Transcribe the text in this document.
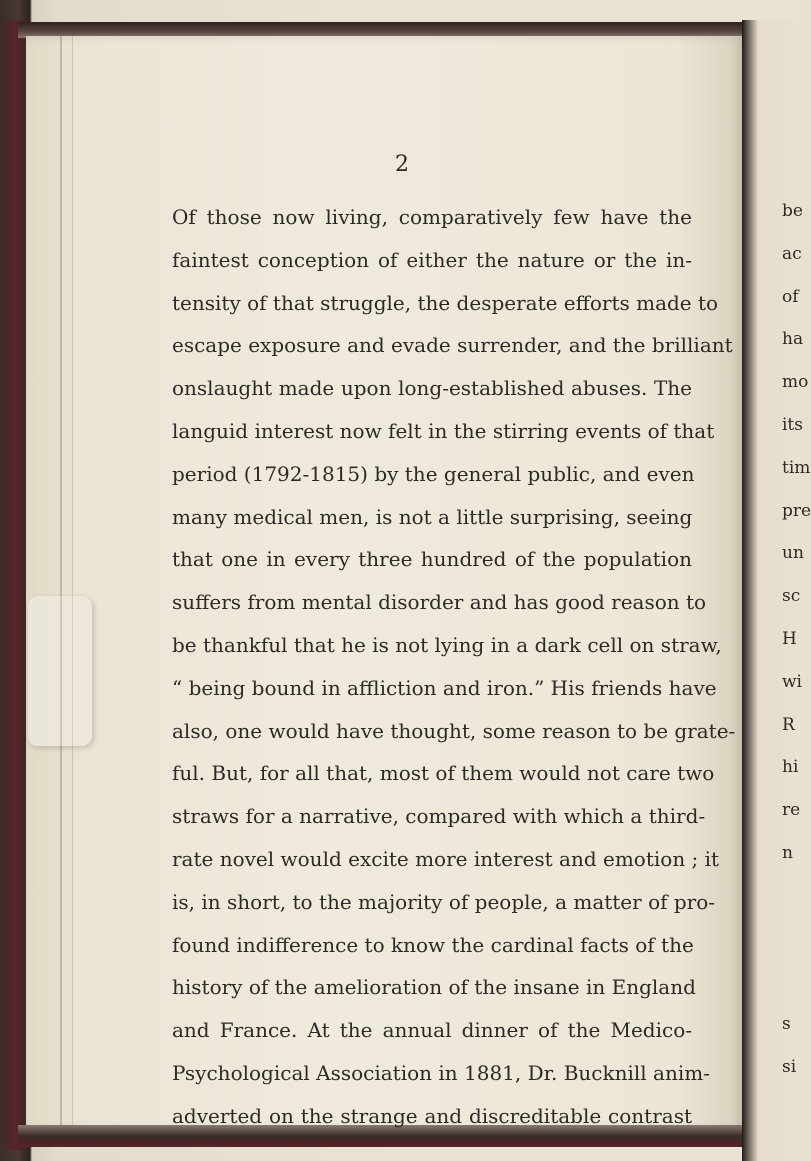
2
Of those now living, comparatively few have the
faintest conception of either the nature or the in-
tensity of that struggle, the desperate efforts made to
escape exposure and evade surrender, and the brilliant
onslaught made upon long-established abuses. The
languid interest now felt in the stirring events of that
period (1792-1815) by the general public, and even
many medical men, is not a little surprising, seeing
that one in every three hundred of the population
suffers from mental disorder and has good reason to
be thankful that he is not lying in a dark cell on straw,
“ being bound in affliction and iron.” His friends have
also, one would have thought, some reason to be grate-
ful. But, for all that, most of them would not care two
straws for a narrative, compared with which a third-
rate novel would excite more interest and emotion ; it
is, in short, to the majority of people, a matter of pro-
found indifference to know the cardinal facts of the
history of the amelioration of the insane in England
and France. At the annual dinner of the Medico-
Psychological Association in 1881, Dr. Bucknill anim-
adverted on the strange and discreditable contrast
be
ac
of
ha
mo
its
tim
pre
un
sc
H
wi
R
hi
re
n
s
si
